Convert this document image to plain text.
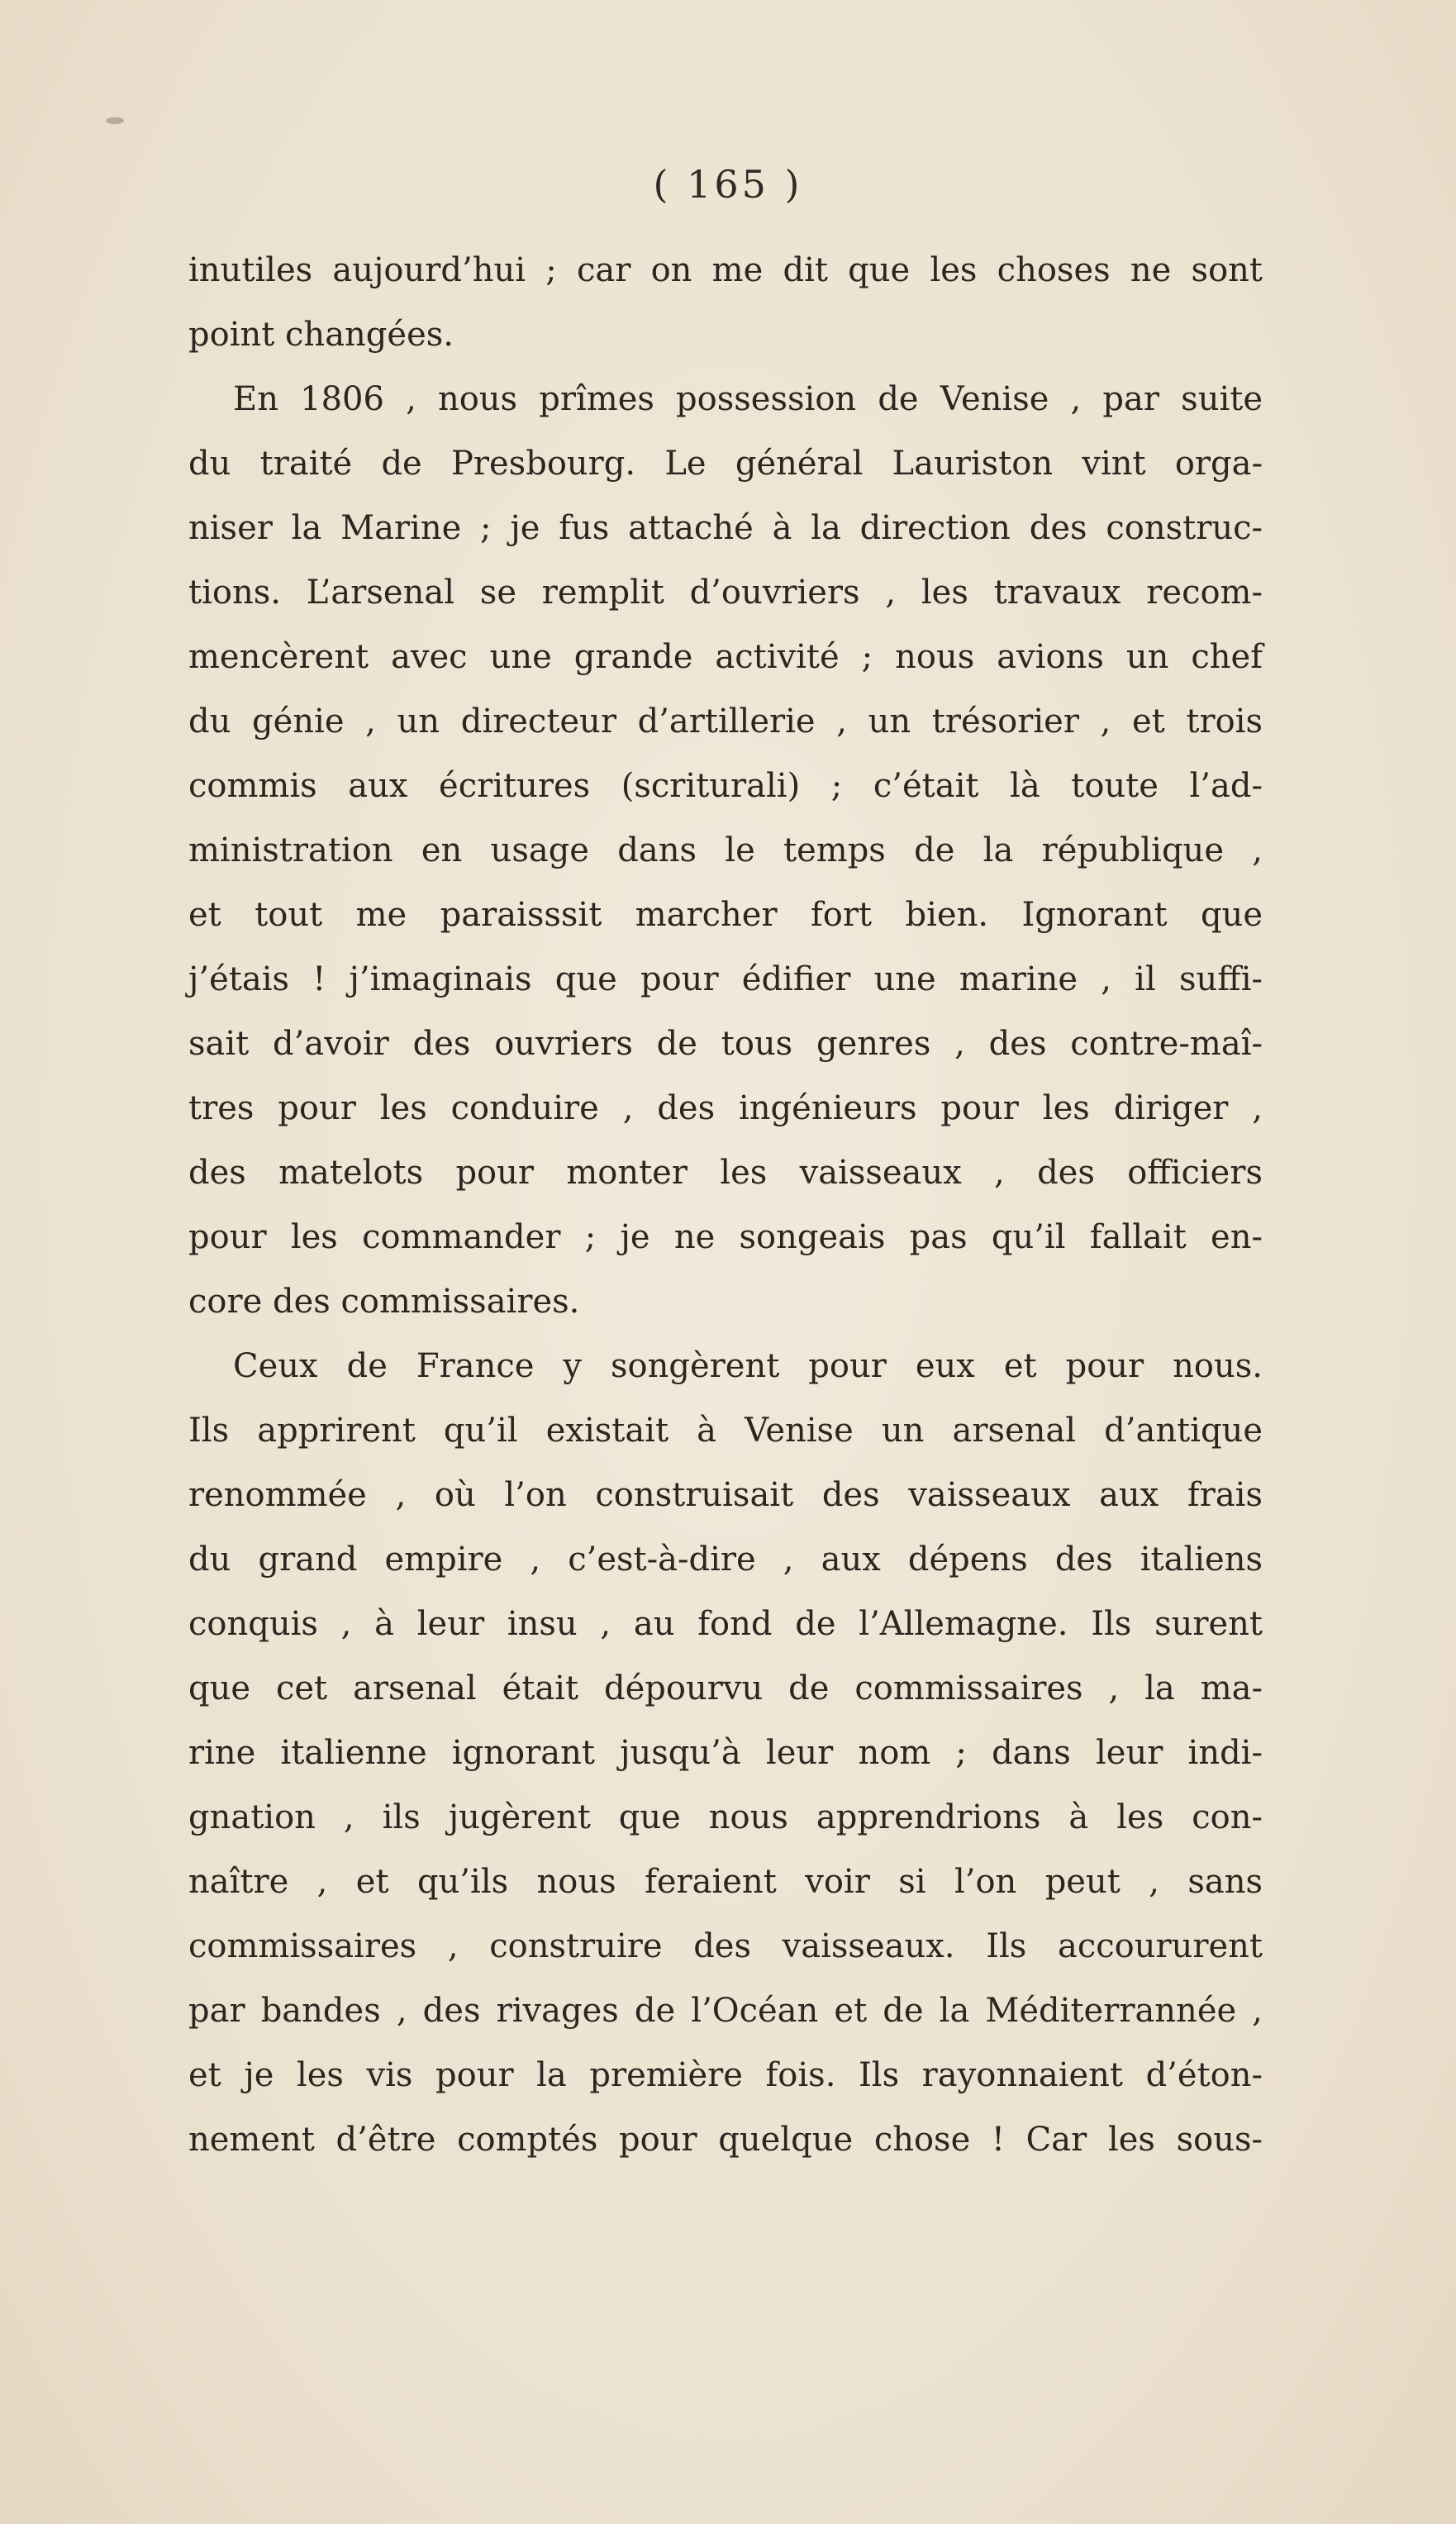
( 165 )
inutiles aujourd’hui ; car on me dit que les choses ne sont
point changées.
En 1806 , nous prîmes possession de Venise , par suite
du traité de Presbourg. Le général Lauriston vint orga-
niser la Marine ; je fus attaché à la direction des construc-
tions. L’arsenal se remplit d’ouvriers , les travaux recom-
mencèrent avec une grande activité ; nous avions un chef
du génie , un directeur d’artillerie , un trésorier , et trois
commis aux écritures (scriturali) ; c’était là toute l’ad-
ministration en usage dans le temps de la république ,
et tout me paraisssit marcher fort bien. Ignorant que
j’étais ! j’imaginais que pour édifier une marine , il suffi-
sait d’avoir des ouvriers de tous genres , des contre-maî-
tres pour les conduire , des ingénieurs pour les diriger ,
des matelots pour monter les vaisseaux , des officiers
pour les commander ; je ne songeais pas qu’il fallait en-
core des commissaires.
Ceux de France y songèrent pour eux et pour nous.
Ils apprirent qu’il existait à Venise un arsenal d’antique
renommée , où l’on construisait des vaisseaux aux frais
du grand empire , c’est-à-dire , aux dépens des italiens
conquis , à leur insu , au fond de l’Allemagne. Ils surent
que cet arsenal était dépourvu de commissaires , la ma-
rine italienne ignorant jusqu’à leur nom ; dans leur indi-
gnation , ils jugèrent que nous apprendrions à les con-
naître , et qu’ils nous feraient voir si l’on peut , sans
commissaires , construire des vaisseaux. Ils accoururent
par bandes , des rivages de l’Océan et de la Méditerrannée ,
et je les vis pour la première fois. Ils rayonnaient d’éton-
nement d’être comptés pour quelque chose ! Car les sous-
